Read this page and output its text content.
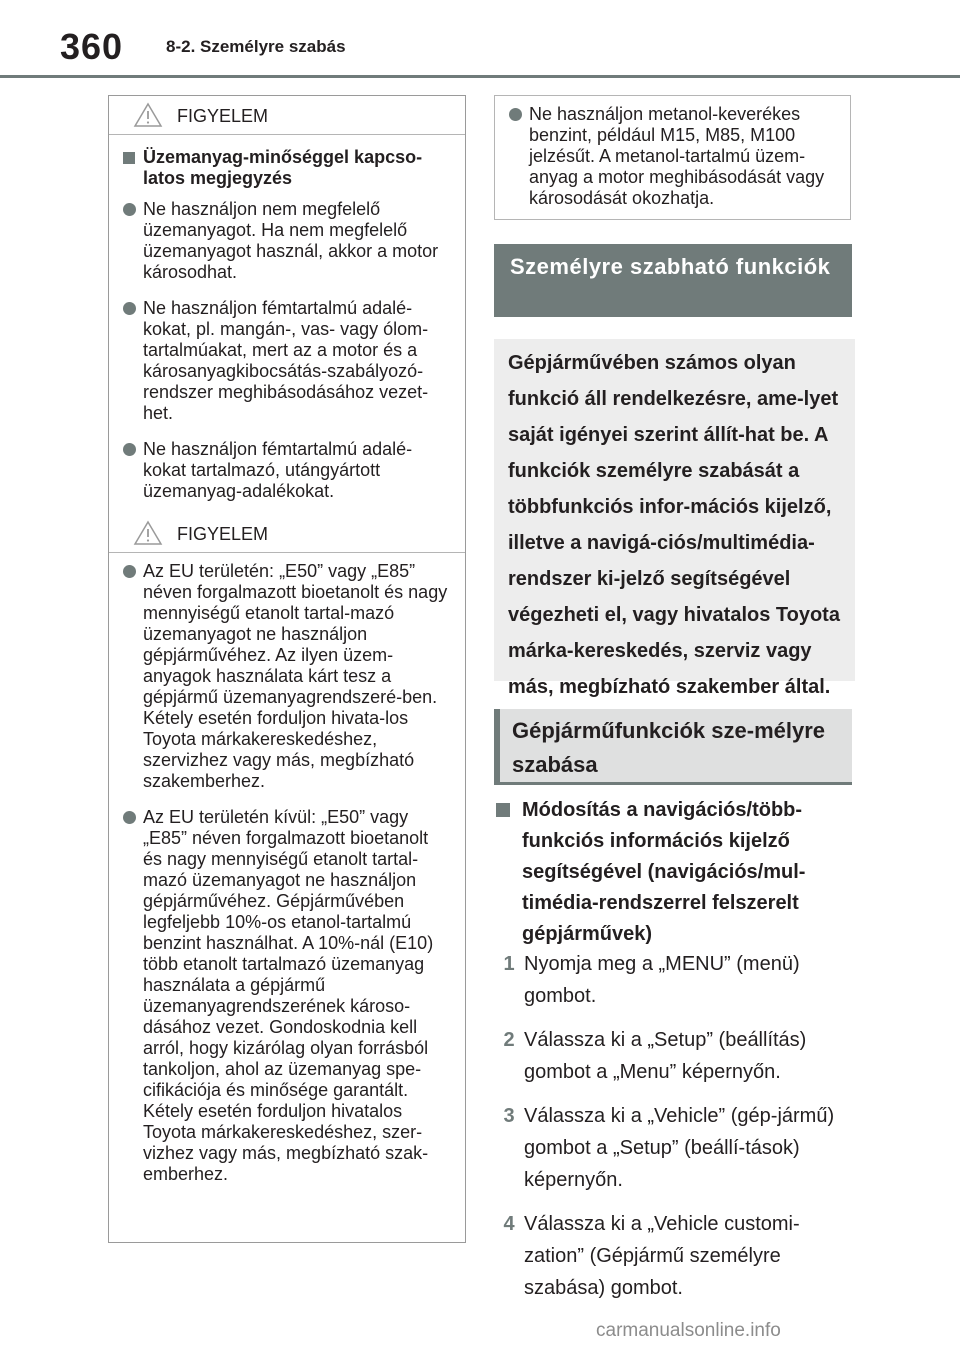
360	8-2. Személyre szabás
FIGYELEM
Üzemanyag-minőséggel kapcso-latos megjegyzés
Ne használjon nem megfelelő üzemanyagot. Ha nem megfelelő üzemanyagot használ, akkor a motor károsodhat.
Ne használjon fémtartalmú adalé-kokat, pl. mangán-, vas- vagy ólom-tartalmúakat, mert az a motor és a károsanyagkibocsátás-szabályozó-rendszer meghibásodásához vezet-het.
Ne használjon fémtartalmú adalé-kokat tartalmazó, utángyártott üzemanyag-adalékokat.
FIGYELEM
Az EU területén: „E50” vagy „E85” néven forgalmazott bioetanolt és nagy mennyiségű etanolt tartal-mazó üzemanyagot ne használjon gépjárművéhez. Az ilyen üzem-anyagok használata kárt tesz a gépjármű üzemanyagrendszeré-ben. Kétely esetén forduljon hivata-los Toyota márkakereskedéshez, szervizhez vagy más, megbízható szakemberhez.
Az EU területén kívül: „E50” vagy „E85” néven forgalmazott bioetanolt és nagy mennyiségű etanolt tartal-mazó üzemanyagot ne használjon gépjárművéhez. Gépjárművében legfeljebb 10%-os etanol-tartalmú benzint használhat. A 10%-nál (E10) több etanolt tartalmazó üzemanyag használata a gépjármű üzemanyagrendszerének károso-dásához vezet. Gondoskodnia kell arról, hogy kizárólag olyan forrásból tankoljon, ahol az üzemanyag spe-cifikációja és minősége garantált. Kétely esetén forduljon hivatalos Toyota márkakereskedéshez, szer-vizhez vagy más, megbízható szak-emberhez.
Ne használjon metanol-keverékes benzint, például M15, M85, M100 jelzésűt. A metanol-tartalmú üzem-anyag a motor meghibásodását vagy károsodását okozhatja.
Személyre szabható funkciók
Gépjárművében számos olyan funkció áll rendelkezésre, ame-lyet saját igényei szerint állít-hat be. A funkciók személyre szabását a többfunkciós infor-mációs kijelző, illetve a navigá-ciós/multimédia-rendszer ki-jelző segítségével végezheti el, vagy hivatalos Toyota márka-kereskedés, szerviz vagy más, megbízható szakember által.
Gépjárműfunkciók sze-mélyre szabása
Módosítás a navigációs/több-funkciós információs kijelző segítségével (navigációs/mul-timédia-rendszerrel felszerelt gépjárművek)
1 Nyomja meg a „MENU” (menü) gombot.
2 Válassza ki a „Setup” (beállítás) gombot a „Menu” képernyőn.
3 Válassza ki a „Vehicle” (gép-jármű) gombot a „Setup” (beállí-tások) képernyőn.
4 Válassza ki a „Vehicle customi-zation” (Gépjármű személyre szabása) gombot.
carmanualsonline.info
